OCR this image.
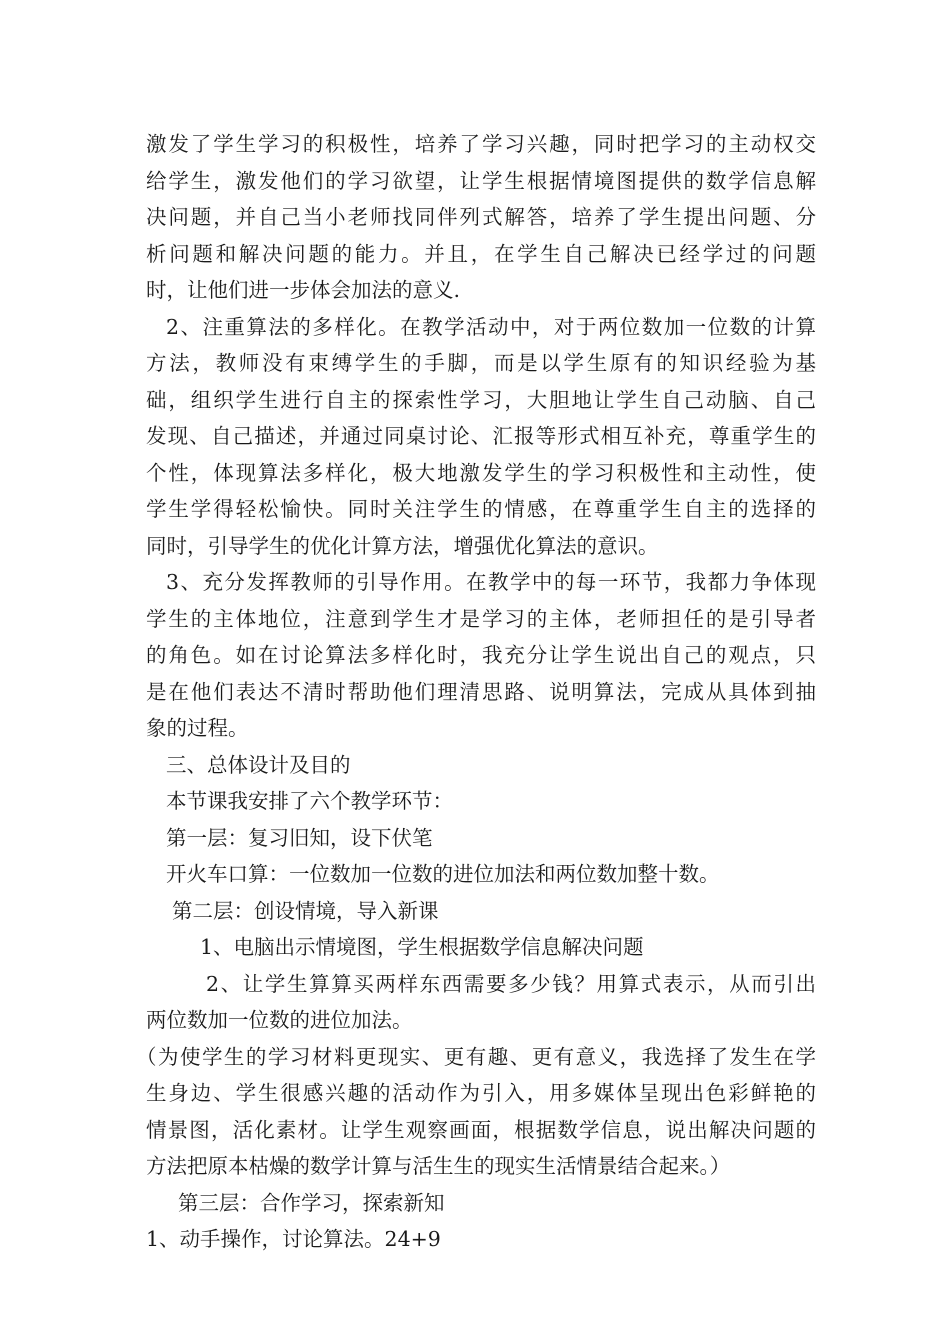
激发了学生学习的积极性，培养了学习兴趣，同时把学习的主动权交
给学生，激发他们的学习欲望，让学生根据情境图提供的数学信息解
决问题，并自己当小老师找同伴列式解答，培养了学生提出问题、分
析问题和解决问题的能力。并且，在学生自己解决已经学过的问题
时，让他们进一步体会加法的意义.
2、注重算法的多样化。在教学活动中，对于两位数加一位数的计算
方法，教师没有束缚学生的手脚，而是以学生原有的知识经验为基
础，组织学生进行自主的探索性学习，大胆地让学生自己动脑、自己
发现、自己描述，并通过同桌讨论、汇报等形式相互补充，尊重学生的
个性，体现算法多样化，极大地激发学生的学习积极性和主动性，使
学生学得轻松愉快。同时关注学生的情感，在尊重学生自主的选择的
同时，引导学生的优化计算方法，增强优化算法的意识。
3、充分发挥教师的引导作用。在教学中的每一环节，我都力争体现
学生的主体地位，注意到学生才是学习的主体，老师担任的是引导者
的角色。如在讨论算法多样化时，我充分让学生说出自己的观点，只
是在他们表达不清时帮助他们理清思路、说明算法，完成从具体到抽
象的过程。
三、总体设计及目的
本节课我安排了六个教学环节：
第一层：复习旧知，设下伏笔
开火车口算：一位数加一位数的进位加法和两位数加整十数。
第二层：创设情境，导入新课
1、电脑出示情境图，学生根据数学信息解决问题
2、让学生算算买两样东西需要多少钱？用算式表示，从而引出
两位数加一位数的进位加法。
（为使学生的学习材料更现实、更有趣、更有意义，我选择了发生在学
生身边、学生很感兴趣的活动作为引入，用多媒体呈现出色彩鲜艳的
情景图，活化素材。让学生观察画面，根据数学信息，说出解决问题的
方法把原本枯燥的数学计算与活生生的现实生活情景结合起来。）
第三层：合作学习，探索新知
1、动手操作，讨论算法。24+9
